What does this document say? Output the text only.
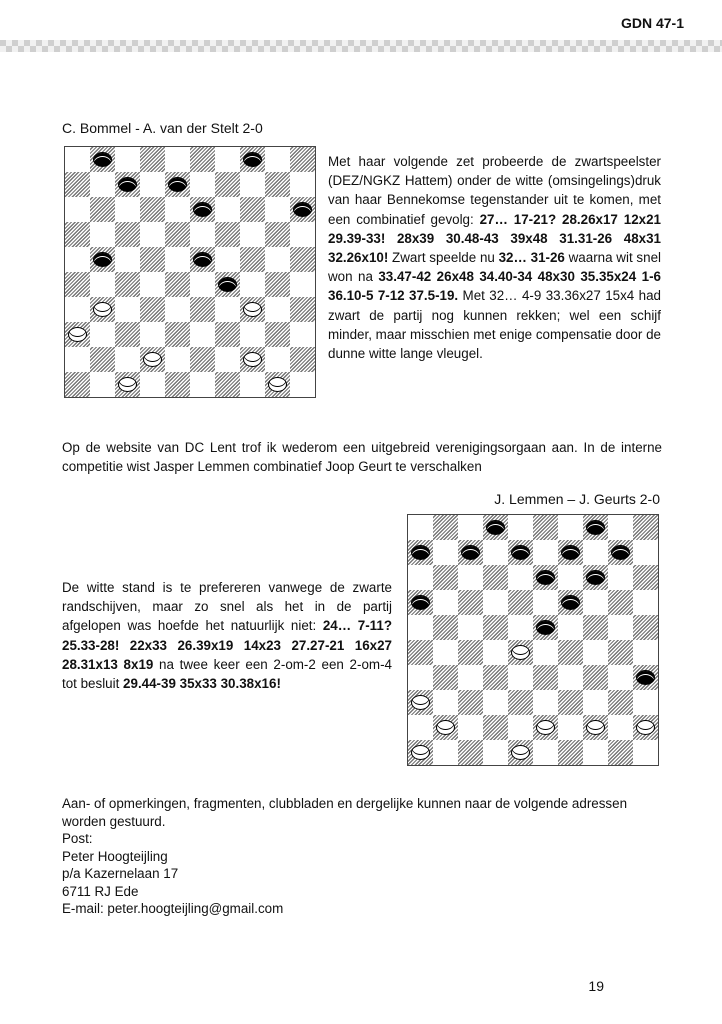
GDN 47-1
C. Bommel - A. van der Stelt 2-0

Met haar volgende zet probeerde de zwartspeelster (DEZ/NGKZ Hattem) onder de witte (omsingelings)druk van haar Bennekomse tegenstander uit te komen, met een combinatief gevolg: 27… 17-21? 28.26x17 12x21 29.39-33! 28x39 30.48-43 39x48 31.31-26 48x31 32.26x10! Zwart speelde nu 32… 31-26 waarna wit snel won na 33.47-42 26x48 34.40-34 48x30 35.35x24 1-6 36.10-5 7-12 37.5-19. Met 32… 4-9 33.36x27 15x4 had zwart de partij nog kunnen rekken; wel een schijf minder, maar misschien met enige compensatie door de dunne witte lange vleugel.

Op de website van DC Lent trof ik wederom een uitgebreid verenigingsorgaan aan. In de interne competitie wist Jasper Lemmen combinatief Joop Geurt te verschalken
J. Lemmen – J. Geurts 2-0

De witte stand is te prefereren vanwege de zwarte randschijven, maar zo snel als het in de partij afgelopen was hoefde het natuurlijk niet: 24… 7-11? 25.33-28! 22x33 26.39x19 14x23 27.27-21 16x27 28.31x13 8x19 na twee keer een 2-om-2 een 2-om-4 tot besluit 29.44-39 35x33 30.38x16!

Aan- of opmerkingen, fragmenten, clubbladen en dergelijke kunnen naar de volgende adressen worden gestuurd.
Post:
Peter Hoogteijling
p/a Kazernelaan 17
6711 RJ Ede
E-mail: peter.hoogteijling@gmail.com
19
